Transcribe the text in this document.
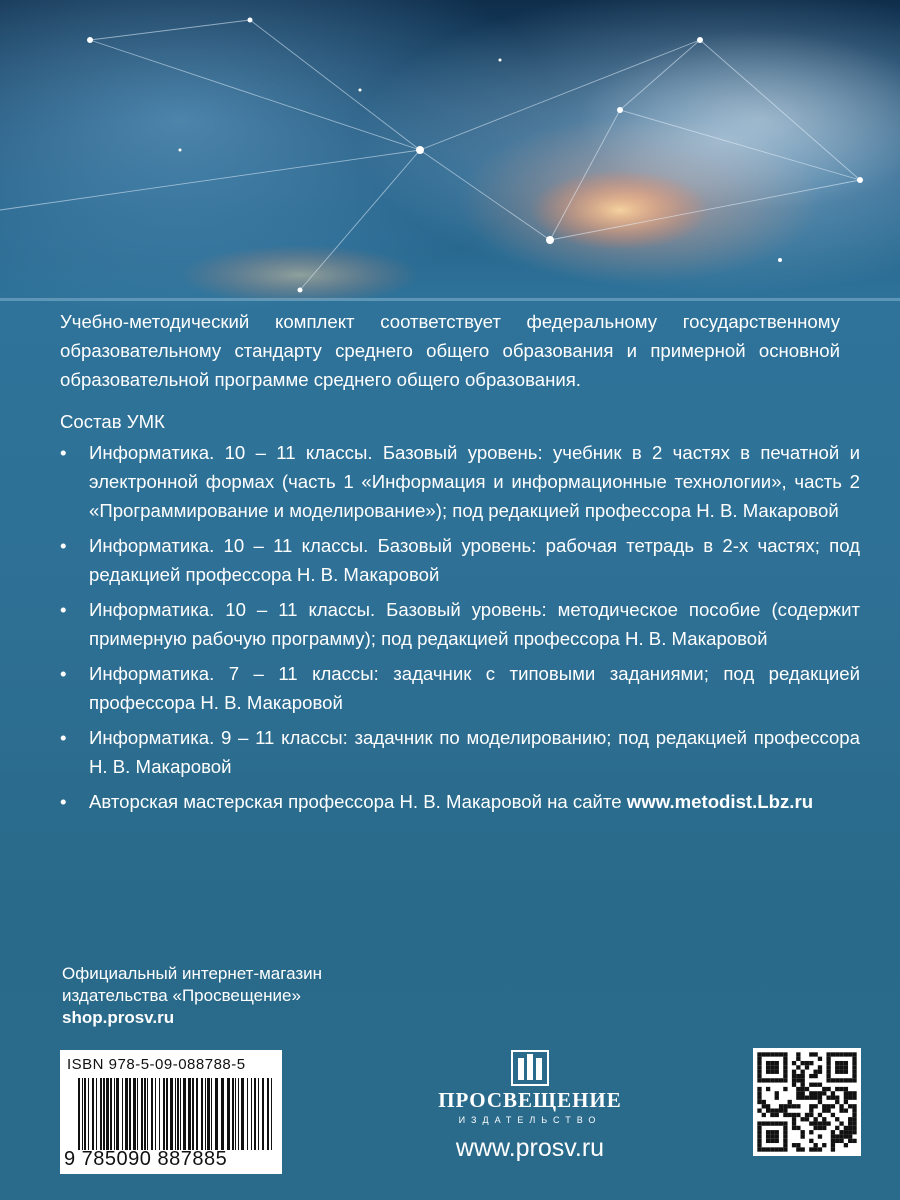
Учебно-методический комплект соответствует федеральному государственному образовательному стандарту среднего общего образования и примерной основной образовательной программе среднего общего образования.
Состав УМК
•	Информатика. 10 – 11 классы. Базовый уровень: учебник в 2 частях в печатной и электронной формах (часть 1 «Информация и информационные технологии», часть 2 «Программирование и моделирование»); под редакцией профессора Н. В. Макаровой
•	Информатика. 10 – 11 классы. Базовый уровень: рабочая тетрадь в 2-х частях; под редакцией профессора Н. В. Макаровой
•	Информатика. 10 – 11 классы. Базовый уровень: методическое пособие (содержит примерную рабочую программу); под редакцией профессора Н. В. Макаровой
•	Информатика. 7 – 11 классы: задачник с типовыми заданиями; под редакцией профессора Н. В. Макаровой
•	Информатика. 9 – 11 классы: задачник по моделированию; под редакцией профессора Н. В. Макаровой
•	Авторская мастерская профессора Н. В. Макаровой на сайте www.metodist.Lbz.ru
Официальный интернет-магазин
издательства «Просвещение»
shop.prosv.ru
ISBN 978-5-09-088788-5
9 785090 887885
ПРОСВЕЩЕНИЕ
ИЗДАТЕЛЬСТВО
www.prosv.ru
